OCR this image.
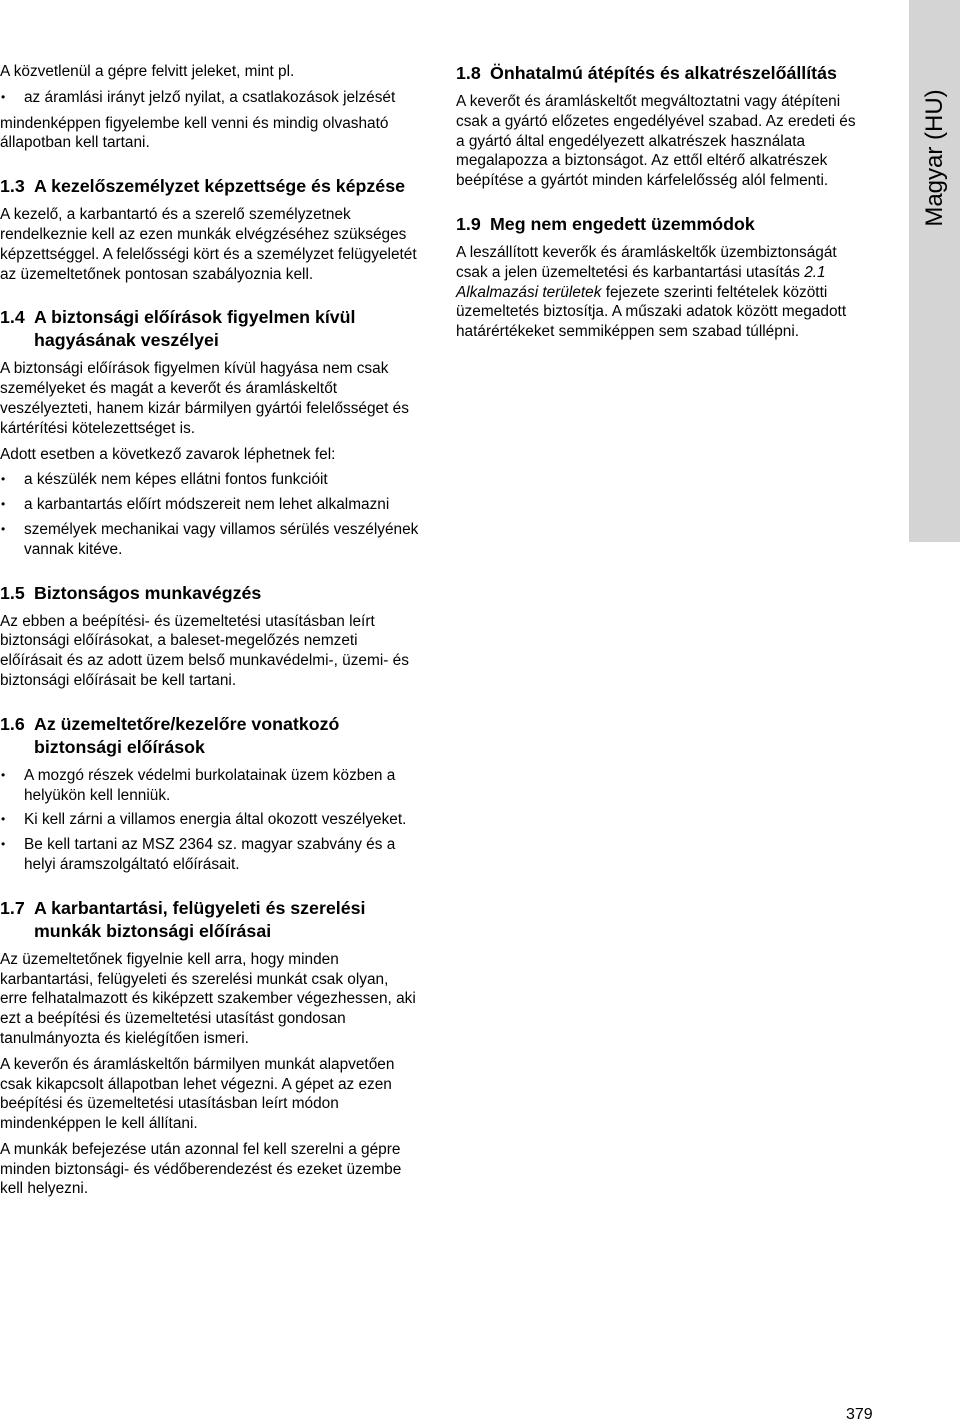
A közvetlenül a gépre felvitt jeleket, mint pl.

• az áramlási irányt jelző nyilat, a csatlakozások jelzését

mindenképpen figyelembe kell venni és mindig olvasható állapotban kell tartani.

1.3 A kezelőszemélyzet képzettsége és képzése

A kezelő, a karbantartó és a szerelő személyzetnek rendelkeznie kell az ezen munkák elvégzéséhez szükséges képzettséggel. A felelősségi kört és a személyzet felügyeletét az üzemeltetőnek pontosan szabályoznia kell.

1.4 A biztonsági előírások figyelmen kívül hagyásának veszélyei

A biztonsági előírások figyelmen kívül hagyása nem csak személyeket és magát a keverőt és áramláskeltőt veszélyezteti, hanem kizár bármilyen gyártói felelősséget és kártérítési kötelezettséget is.

Adott esetben a következő zavarok léphetnek fel:

• a készülék nem képes ellátni fontos funkcióit
• a karbantartás előírt módszereit nem lehet alkalmazni
• személyek mechanikai vagy villamos sérülés veszélyének vannak kitéve.
1.5 Biztonságos munkavégzés

Az ebben a beépítési- és üzemeltetési utasításban leírt biztonsági előírásokat, a baleset-megelőzés nemzeti előírásait és az adott üzem belső munkavédelmi-, üzemi- és biztonsági előírásait be kell tartani.

1.6 Az üzemeltetőre/kezelőre vonatkozó biztonsági előírások
• A mozgó részek védelmi burkolatainak üzem közben a helyükön kell lenniük.
• Ki kell zárni a villamos energia által okozott veszélyeket.
• Be kell tartani az MSZ 2364 sz. magyar szabvány és a helyi áramszolgáltató előírásait.
1.7 A karbantartási, felügyeleti és szerelési munkák biztonsági előírásai

Az üzemeltetőnek figyelnie kell arra, hogy minden karbantartási, felügyeleti és szerelési munkát csak olyan, erre felhatalmazott és kiképzett szakember végezhessen, aki ezt a beépítési és üzemeltetési utasítást gondosan tanulmányozta és kielégítően ismeri.

A keverőn és áramláskeltőn bármilyen munkát alapvetően csak kikapcsolt állapotban lehet végezni. A gépet az ezen beépítési és üzemeltetési utasításban leírt módon mindenképpen le kell állítani.

A munkák befejezése után azonnal fel kell szerelni a gépre minden biztonsági- és védőberendezést és ezeket üzembe kell helyezni.

1.8 Önhatalmú átépítés és alkatrészelőállítás

A keverőt és áramláskeltőt megváltoztatni vagy átépíteni csak a gyártó előzetes engedélyével szabad. Az eredeti és a gyártó által engedélyezett alkatrészek használata megalapozza a biztonságot. Az ettől eltérő alkatrészek beépítése a gyártót minden kárfelelősség alól felmenti.

1.9 Meg nem engedett üzemmódok

A leszállított keverők és áramláskeltők üzembiztonságát csak a jelen üzemeltetési és karbantartási utasítás 2.1 Alkalmazási területek fejezete szerinti feltételek közötti üzemeltetés biztosítja. A műszaki adatok között megadott határértékeket semmiképpen sem szabad túllépni.

Magyar (HU)
379
